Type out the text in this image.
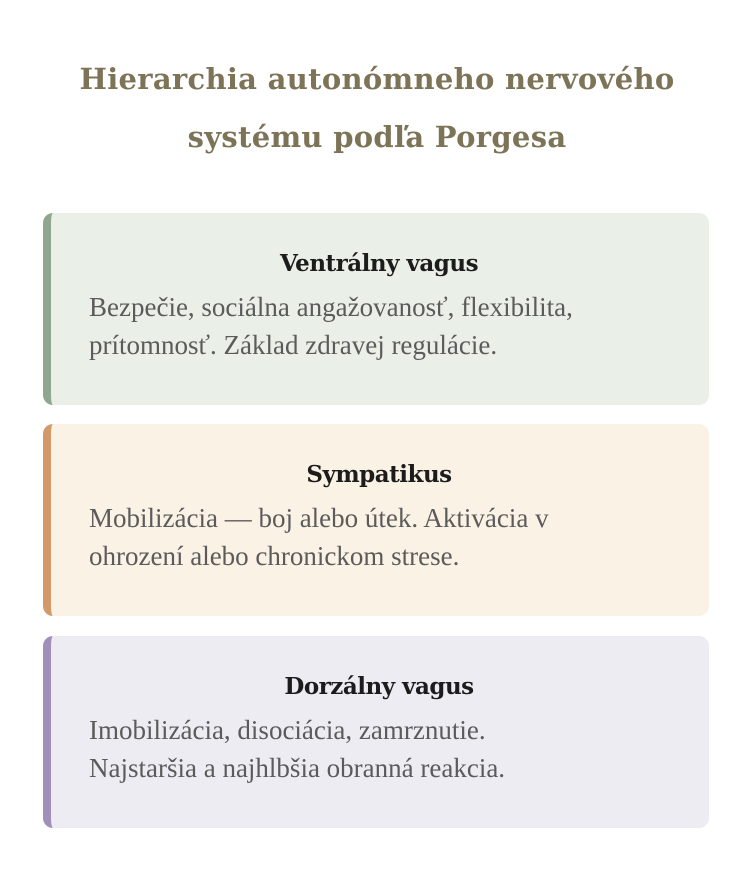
Hierarchia autonómneho nervového
systému podľa Porgesa
Ventrálny vagus

Bezpečie, sociálna angažovanosť, flexibilita,
prítomnosť. Základ zdravej regulácie.

Sympatikus

Mobilizácia — boj alebo útek. Aktivácia v
ohrození alebo chronickom strese.

Dorzálny vagus

Imobilizácia, disociácia, zamrznutie.
Najstaršia a najhlbšia obranná reakcia.
